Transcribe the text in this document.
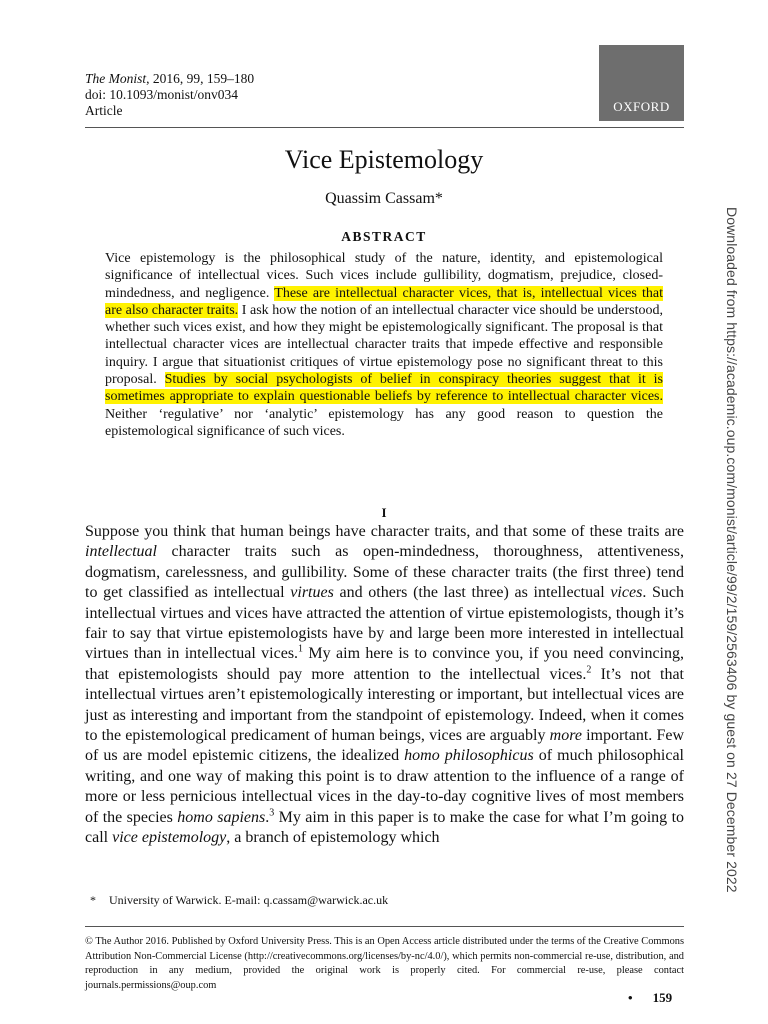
The Monist, 2016, 99, 159–180
doi: 10.1093/monist/onv034
Article	OXFORD
Vice Epistemology
Quassim Cassam*
ABSTRACT
Vice epistemology is the philosophical study of the nature, identity, and epistemological significance of intellectual vices. Such vices include gullibility, dogmatism, prejudice, closed-mindedness, and negligence. These are intellectual character vices, that is, intellectual vices that are also character traits. I ask how the notion of an intellectual character vice should be understood, whether such vices exist, and how they might be epistemologically significant. The proposal is that intellectual character vices are intellectual character traits that impede effective and responsible inquiry. I argue that situationist critiques of virtue epistemology pose no significant threat to this proposal. Studies by social psychologists of belief in conspiracy theories suggest that it is sometimes appropriate to explain questionable beliefs by reference to intellectual character vices. Neither ‘regulative’ nor ‘analytic’ epistemology has any good reason to question the epistemological significance of such vices.
I
Suppose you think that human beings have character traits, and that some of these traits are intellectual character traits such as open-mindedness, thoroughness, attentiveness, dogmatism, carelessness, and gullibility. Some of these character traits (the first three) tend to get classified as intellectual virtues and others (the last three) as intellectual vices. Such intellectual virtues and vices have attracted the attention of virtue epistemologists, though it’s fair to say that virtue epistemologists have by and large been more interested in intellectual virtues than in intellectual vices.$^1$ My aim here is to convince you, if you need convincing, that epistemologists should pay more attention to the intellectual vices.$^2$ It’s not that intellectual virtues aren’t epistemologically interesting or important, but intellectual vices are just as interesting and important from the standpoint of epistemology. Indeed, when it comes to the epistemological predicament of human beings, vices are arguably more important. Few of us are model epistemic citizens, the idealized homo philosophicus of much philosophical writing, and one way of making this point is to draw attention to the influence of a range of more or less pernicious intellectual vices in the day-to-day cognitive lives of most members of the species homo sapiens.$^3$ My aim in this paper is to make the case for what I’m going to call vice epistemology, a branch of epistemology which
* University of Warwick. E-mail: q.cassam@warwick.ac.uk
© The Author 2016. Published by Oxford University Press. This is an Open Access article distributed under the terms of the Creative Commons Attribution Non-Commercial License (http://creativecommons.org/licenses/by-nc/4.0/), which permits non-commercial re-use, distribution, and reproduction in any medium, provided the original work is properly cited. For commercial re-use, please contact journals.permissions@oup.com
• 159
Downloaded from https://academic.oup.com/monist/article/99/2/159/2563406 by guest on 27 December 2022
